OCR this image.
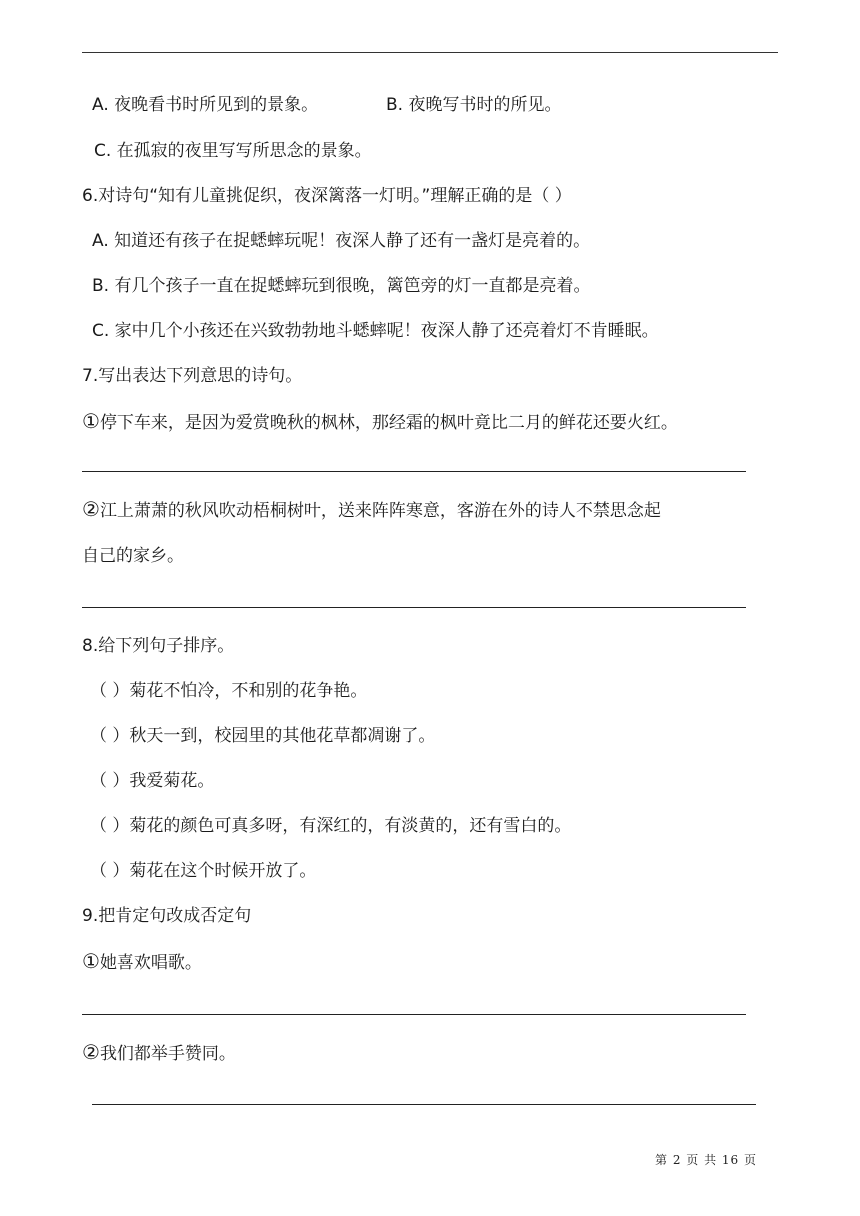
A. 夜晚看书时所见到的景象。	B. 夜晚写书时的所见。
C. 在孤寂的夜里写写所思念的景象。
6.对诗句“知有儿童挑促织，夜深篱落一灯明。”理解正确的是（ ）
A. 知道还有孩子在捉蟋蟀玩呢！夜深人静了还有一盏灯是亮着的。
B. 有几个孩子一直在捉蟋蟀玩到很晚，篱笆旁的灯一直都是亮着。
C. 家中几个小孩还在兴致勃勃地斗蟋蟀呢！夜深人静了还亮着灯不肯睡眠。
7.写出表达下列意思的诗句。
①停下车来，是因为爱赏晚秋的枫林，那经霜的枫叶竟比二月的鲜花还要火红。
②江上萧萧的秋风吹动梧桐树叶，送来阵阵寒意，客游在外的诗人不禁思念起
自己的家乡。
8.给下列句子排序。
（ ）菊花不怕冷，不和别的花争艳。
（ ）秋天一到，校园里的其他花草都凋谢了。
（ ）我爱菊花。
（ ）菊花的颜色可真多呀，有深红的，有淡黄的，还有雪白的。
（ ）菊花在这个时候开放了。
9.把肯定句改成否定句
①她喜欢唱歌。
②我们都举手赞同。
第 2 页 共 16 页
